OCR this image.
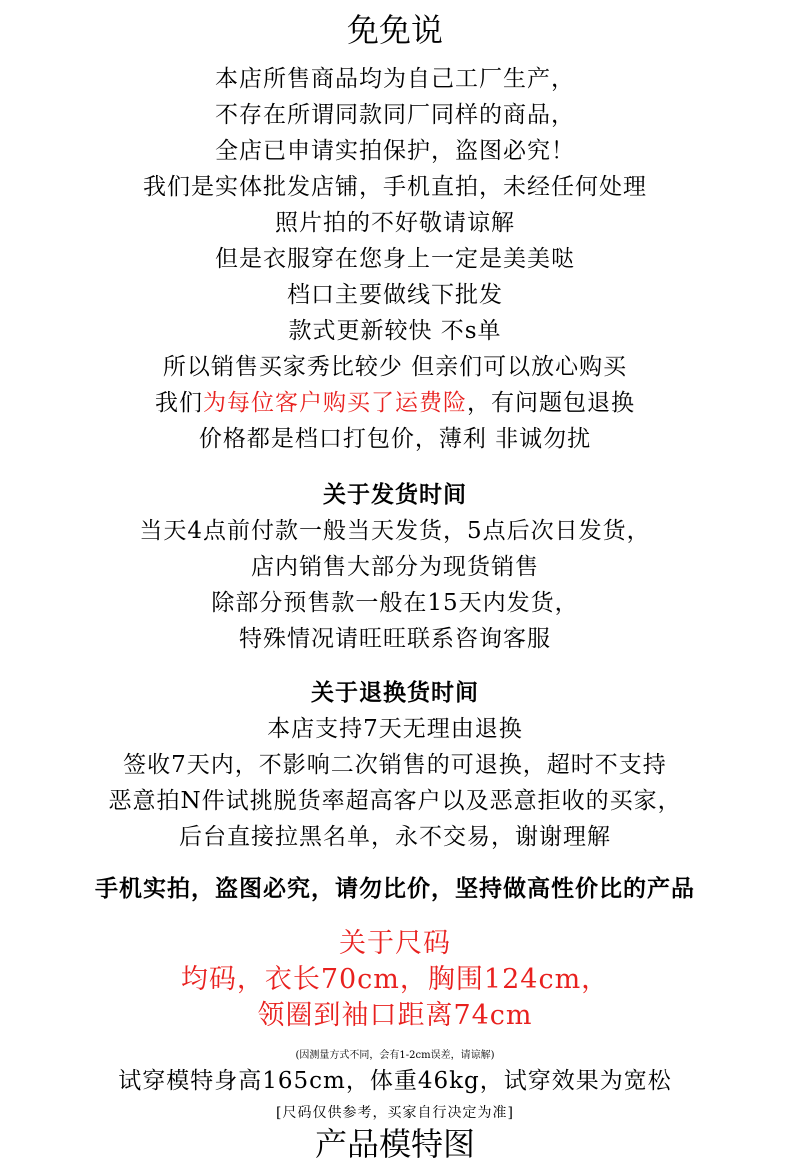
免免说
本店所售商品均为自己工厂生产，
不存在所谓同款同厂同样的商品，
全店已申请实拍保护，盗图必究！
我们是实体批发店铺，手机直拍，未经任何处理
照片拍的不好敬请谅解
但是衣服穿在您身上一定是美美哒
档口主要做线下批发
款式更新较快 不s单
所以销售买家秀比较少 但亲们可以放心购买
我们为每位客户购买了运费险，有问题包退换
价格都是档口打包价，薄利 非诚勿扰
关于发货时间
当天4点前付款一般当天发货，5点后次日发货，
店内销售大部分为现货销售
除部分预售款一般在15天内发货，
特殊情况请旺旺联系咨询客服
关于退换货时间
本店支持7天无理由退换
签收7天内，不影响二次销售的可退换，超时不支持
恶意拍N件试挑脱货率超高客户以及恶意拒收的买家，
后台直接拉黑名单，永不交易，谢谢理解
手机实拍，盗图必究，请勿比价，坚持做高性价比的产品
关于尺码
均码，衣长70cm，胸围124cm，
领圈到袖口距离74cm
(因测量方式不同，会有1-2cm误差，请谅解)
试穿模特身高165cm，体重46kg，试穿效果为宽松
[尺码仅供参考，买家自行决定为准]
产品模特图
